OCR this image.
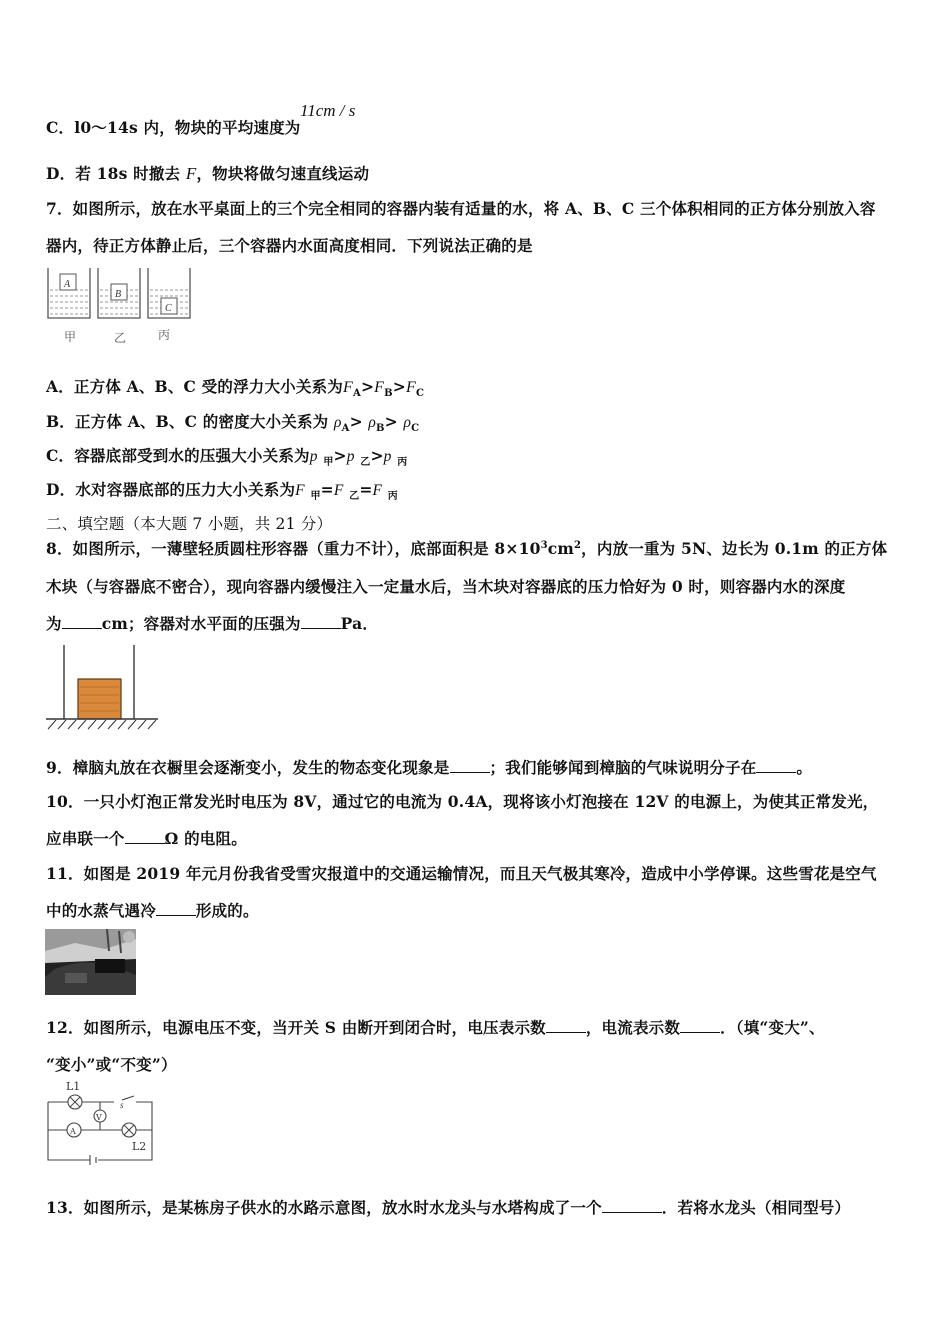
C．l0～14s 内，物块的平均速度为
11cm / s
D．若 18s 时撤去 F，物块将做匀速直线运动
7．如图所示，放在水平桌面上的三个完全相同的容器内装有适量的水，将 A、B、C 三个体积相同的正方体分别放入容
器内，待正方体静止后，三个容器内水面高度相同．下列说法正确的是
A
B
C
甲	乙	丙
A．正方体 A、B、C 受的浮力大小关系为$F_A>F_B>F_C$
B．正方体 A、B、C 的密度大小关系为 $\rho_A> \rho_B> \rho_C$
C．容器底部受到水的压强大小关系为p $_甲$>p $_乙$>p $_丙$
D．水对容器底部的压力大小关系为F $_甲$=F $_乙$=F $_丙$
二、填空题（本大题 7 小题，共 21 分）
8．如图所示，一薄壁轻质圆柱形容器（重力不计），底部面积是 $8\times 10^3cm^2$，内放一重为 5N、边长为 0.1m 的正方体
木块（与容器底不密合），现向容器内缓慢注入一定量水后，当木块对容器底的压力恰好为 0 时，则容器内水的深度
为	cm；容器对水平面的压强为	Pa．
9．樟脑丸放在衣橱里会逐渐变小，发生的物态变化现象是	；我们能够闻到樟脑的气味说明分子在	。
10．一只小灯泡正常发光时电压为 8V，通过它的电流为 0.4A，现将该小灯泡接在 12V 的电源上，为使其正常发光，
应串联一个	Ω 的电阻。
11．如图是 2019 年元月份我省受雪灾报道中的交通运输情况，而且天气极其寒冷，造成中小学停课。这些雪花是空气
中的水蒸气遇冷	形成的。
12．如图所示，电源电压不变，当开关 S 由断开到闭合时，电压表示数	，电流表示数	．（填“变大”、
“变小”或“不变”）
L1
V
A
s
L2
13．如图所示，是某栋房子供水的水路示意图，放水时水龙头与水塔构成了一个	．若将水龙头（相同型号）
